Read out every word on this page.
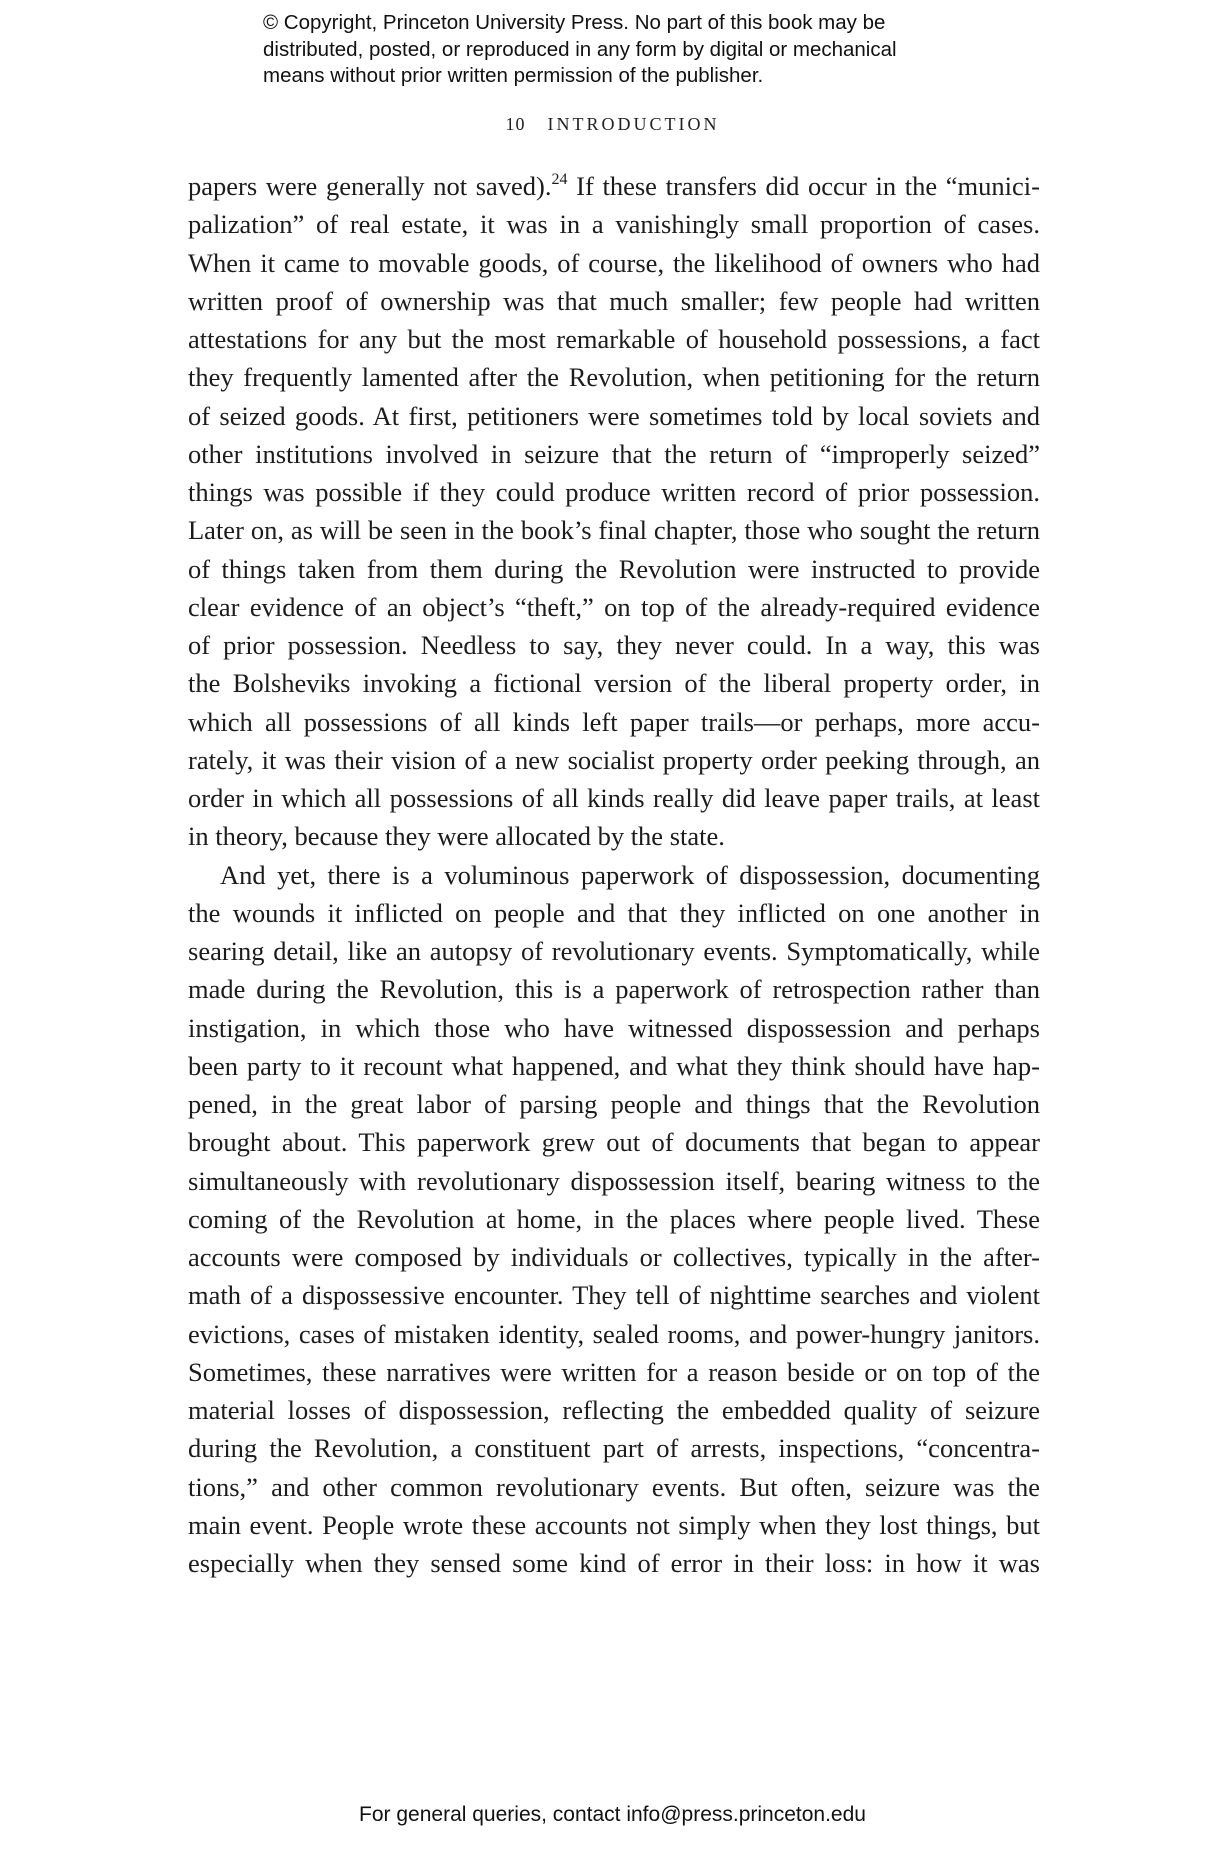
© Copyright, Princeton University Press. No part of this book may be
distributed, posted, or reproduced in any form by digital or mechanical
means without prior written permission of the publisher.
10 INTRODUCTION
papers were generally not saved).$^{24}$ If these transfers did occur in the “munici-
palization” of real estate, it was in a vanishingly small proportion of cases.
When it came to movable goods, of course, the likelihood of owners who had
written proof of ownership was that much smaller; few people had written
attestations for any but the most remarkable of household possessions, a fact
they frequently lamented after the Revolution, when petitioning for the return
of seized goods. At first, petitioners were sometimes told by local soviets and
other institutions involved in seizure that the return of “improperly seized”
things was possible if they could produce written record of prior possession.
Later on, as will be seen in the book’s final chapter, those who sought the return
of things taken from them during the Revolution were instructed to provide
clear evidence of an object’s “theft,” on top of the already-required evidence
of prior possession. Needless to say, they never could. In a way, this was
the Bolsheviks invoking a fictional version of the liberal property order, in
which all possessions of all kinds left paper trails—or perhaps, more accu-
rately, it was their vision of a new socialist property order peeking through, an
order in which all possessions of all kinds really did leave paper trails, at least
in theory, because they were allocated by the state.
And yet, there is a voluminous paperwork of dispossession, documenting
the wounds it inflicted on people and that they inflicted on one another in
searing detail, like an autopsy of revolutionary events. Symptomatically, while
made during the Revolution, this is a paperwork of retrospection rather than
instigation, in which those who have witnessed dispossession and perhaps
been party to it recount what happened, and what they think should have hap-
pened, in the great labor of parsing people and things that the Revolution
brought about. This paperwork grew out of documents that began to appear
simultaneously with revolutionary dispossession itself, bearing witness to the
coming of the Revolution at home, in the places where people lived. These
accounts were composed by individuals or collectives, typically in the after-
math of a dispossessive encounter. They tell of nighttime searches and violent
evictions, cases of mistaken identity, sealed rooms, and power-hungry janitors.
Sometimes, these narratives were written for a reason beside or on top of the
material losses of dispossession, reflecting the embedded quality of seizure
during the Revolution, a constituent part of arrests, inspections, “concentra-
tions,” and other common revolutionary events. But often, seizure was the
main event. People wrote these accounts not simply when they lost things, but
especially when they sensed some kind of error in their loss: in how it was
For general queries, contact info@press.princeton.edu
